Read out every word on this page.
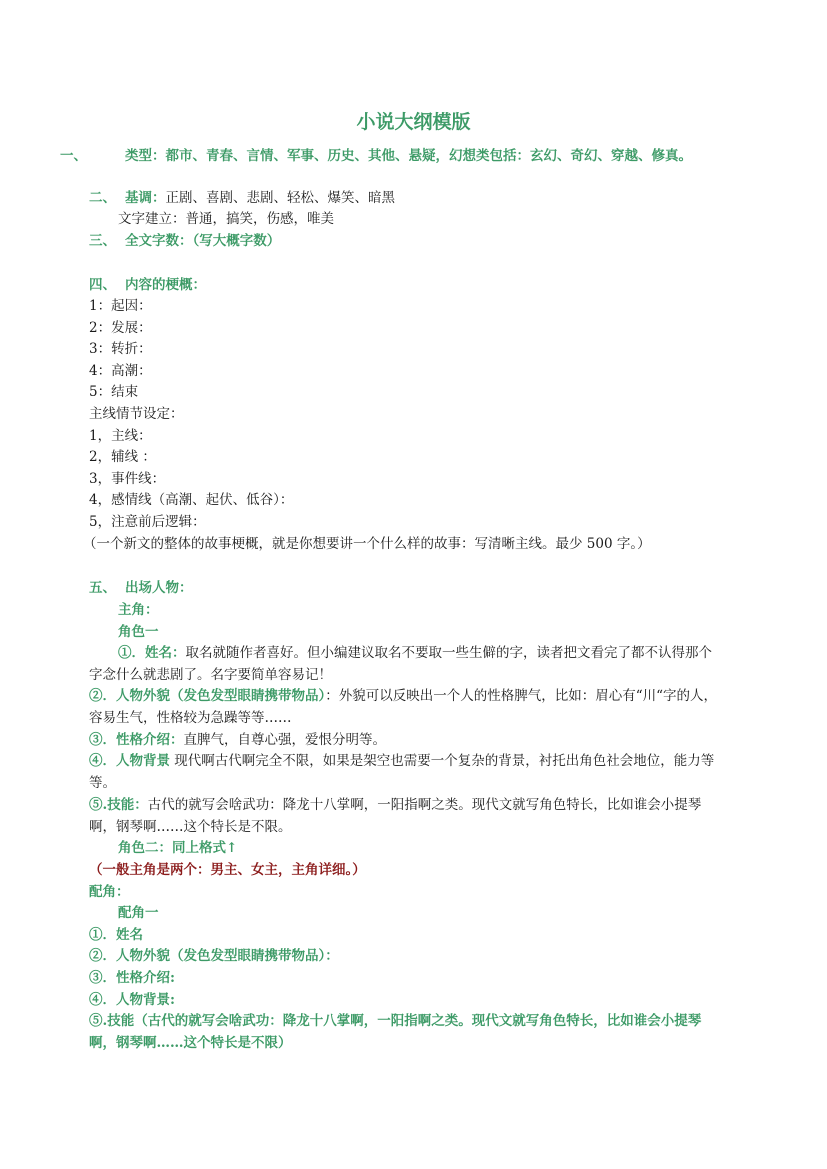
小说大纲模版
一、	类型：都市、青春、言情、军事、历史、其他、悬疑，幻想类包括：玄幻、奇幻、穿越、修真。
二、 基调：正剧、喜剧、悲剧、轻松、爆笑、暗黑
文字建立：普通，搞笑，伤感，唯美
三、 全文字数：（写大概字数）
四、 内容的梗概：
1：起因：
2：发展：
3：转折：
4：高潮：
5：结束
主线情节设定：
1，主线：
2，辅线 ：
3，事件线：
4，感情线（高潮、起伏、低谷）：
5，注意前后逻辑：
（一个新文的整体的故事梗概，就是你想要讲一个什么样的故事：写清晰主线。最少 500 字。）
五、 出场人物：
主角：
角色一
①．姓名：取名就随作者喜好。但小编建议取名不要取一些生僻的字，读者把文看完了都不认得那个字念什么就悲剧了。名字要简单容易记！
②．人物外貌（发色发型眼睛携带物品）：外貌可以反映出一个人的性格脾气，比如：眉心有“川“字的人，容易生气，性格较为急躁等等……
③．性格介绍：直脾气，自尊心强，爱恨分明等。
④．人物背景 现代啊古代啊完全不限，如果是架空也需要一个复杂的背景，衬托出角色社会地位，能力等等。
⑤.技能：古代的就写会啥武功：降龙十八掌啊，一阳指啊之类。现代文就写角色特长，比如谁会小提琴啊，钢琴啊……这个特长是不限。
角色二：同上格式↑
（一般主角是两个：男主、女主，主角详细。）
配角：
配角一
①．姓名
②．人物外貌（发色发型眼睛携带物品）：
③．性格介绍:
④．人物背景:
⑤.技能（古代的就写会啥武功：降龙十八掌啊，一阳指啊之类。现代文就写角色特长，比如谁会小提琴啊，钢琴啊……这个特长是不限）
